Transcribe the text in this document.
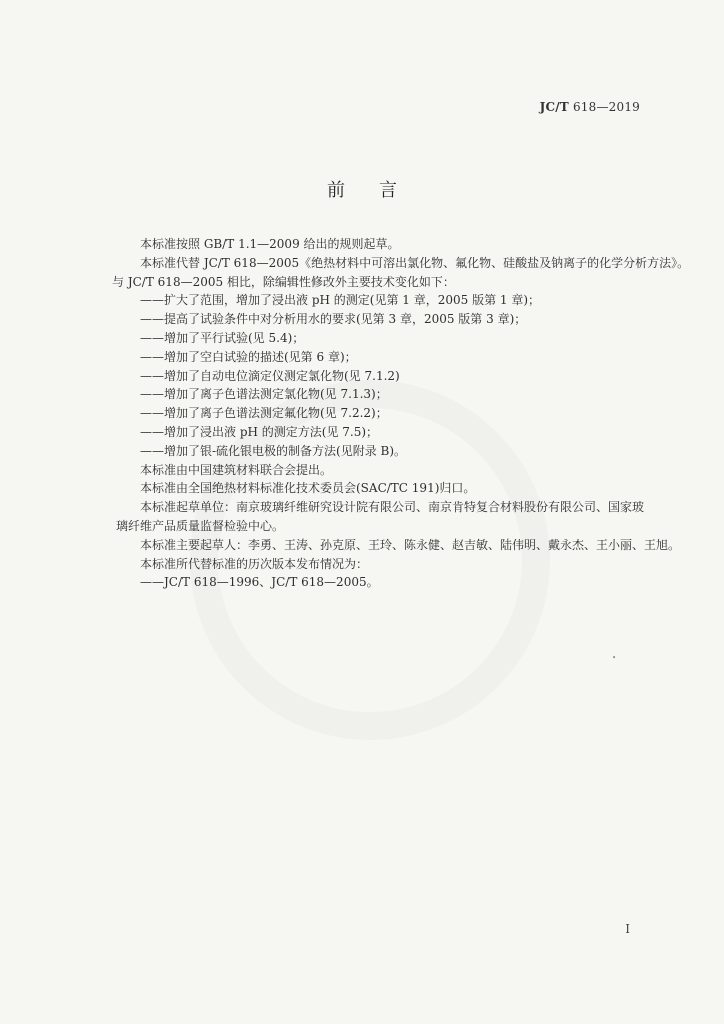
JC/T 618—2019
前言

本标准按照 GB/T 1.1—2009 给出的规则起草。

本标准代替 JC/T 618—2005《绝热材料中可溶出氯化物、氟化物、硅酸盐及钠离子的化学分析方法》。

与 JC/T 618—2005 相比，除编辑性修改外主要技术变化如下：

——扩大了范围，增加了浸出液 pH 的测定(见第 1 章，2005 版第 1 章)；

——提高了试验条件中对分析用水的要求(见第 3 章，2005 版第 3 章)；

——增加了平行试验(见 5.4)；

——增加了空白试验的描述(见第 6 章)；

——增加了自动电位滴定仪测定氯化物(见 7.1.2)

——增加了离子色谱法测定氯化物(见 7.1.3)；

——增加了离子色谱法测定氟化物(见 7.2.2)；

——增加了浸出液 pH 的测定方法(见 7.5)；

——增加了银-硫化银电极的制备方法(见附录 B)。

本标准由中国建筑材料联合会提出。

本标准由全国绝热材料标准化技术委员会(SAC/TC 191)归口。

本标准起草单位：南京玻璃纤维研究设计院有限公司、南京肯特复合材料股份有限公司、国家玻璃纤维产品质量监督检验中心。

本标准主要起草人：李勇、王涛、孙克原、王玲、陈永健、赵吉敏、陆伟明、戴永杰、王小丽、王旭。

本标准所代替标准的历次版本发布情况为：

——JC/T 618—1996、JC/T 618—2005。

•
I
